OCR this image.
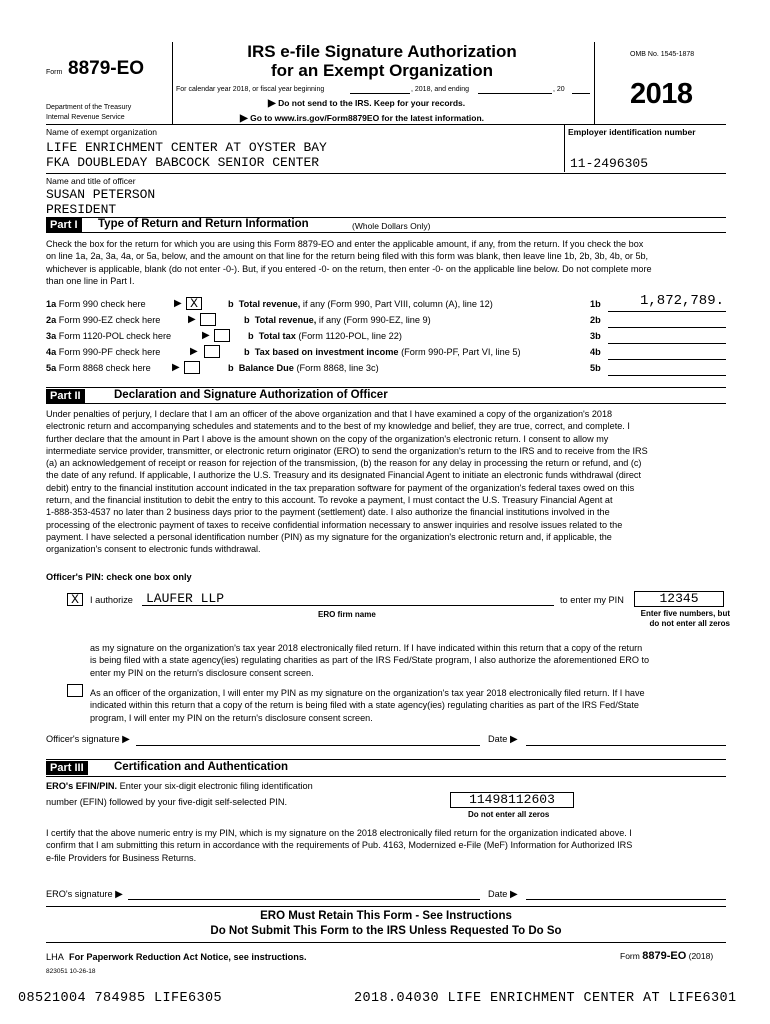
Form 8879-EO
Department of the Treasury
Internal Revenue Service
IRS e-file Signature Authorization
for an Exempt Organization
For calendar year 2018, or fiscal year beginning	, 2018, and ending	, 20
▶ Do not send to the IRS. Keep for your records.
▶ Go to www.irs.gov/Form8879EO for the latest information.
OMB No. 1545-1878
2018
Name of exempt organization	Employer identification number
LIFE ENRICHMENT CENTER AT OYSTER BAY
FKA DOUBLEDAY BABCOCK SENIOR CENTER	11-2496305
Name and title of officer
SUSAN PETERSON
PRESIDENT
Part I	Type of Return and Return Information	(Whole Dollars Only)
Check the box for the return for which you are using this Form 8879-EO and enter the applicable amount, if any, from the return. If you check the box
on line 1a, 2a, 3a, 4a, or 5a, below, and the amount on that line for the return being filed with this form was blank, then leave line 1b, 2b, 3b, 4b, or 5b,
whichever is applicable, blank (do not enter -0-). But, if you entered -0- on the return, then enter -0- on the applicable line below. Do not complete more
than one line in Part I.
1a Form 990 check here	▶ X	b Total revenue, if any (Form 990, Part VIII, column (A), line 12)	1b	1,872,789.
2a Form 990-EZ check here	▶	b Total revenue, if any (Form 990-EZ, line 9)	2b
3a Form 1120-POL check here	▶	b Total tax (Form 1120-POL, line 22)	3b
4a Form 990-PF check here	▶	b Tax based on investment income (Form 990-PF, Part VI, line 5)	4b
5a Form 8868 check here ▶	b Balance Due (Form 8868, line 3c)	5b
Part II	Declaration and Signature Authorization of Officer
Under penalties of perjury, I declare that I am an officer of the above organization and that I have examined a copy of the organization's 2018
electronic return and accompanying schedules and statements and to the best of my knowledge and belief, they are true, correct, and complete. I
further declare that the amount in Part I above is the amount shown on the copy of the organization's electronic return. I consent to allow my
intermediate service provider, transmitter, or electronic return originator (ERO) to send the organization's return to the IRS and to receive from the IRS
(a) an acknowledgement of receipt or reason for rejection of the transmission, (b) the reason for any delay in processing the return or refund, and (c)
the date of any refund. If applicable, I authorize the U.S. Treasury and its designated Financial Agent to initiate an electronic funds withdrawal (direct
debit) entry to the financial institution account indicated in the tax preparation software for payment of the organization's federal taxes owed on this
return, and the financial institution to debit the entry to this account. To revoke a payment, I must contact the U.S. Treasury Financial Agent at
1-888-353-4537 no later than 2 business days prior to the payment (settlement) date. I also authorize the financial institutions involved in the
processing of the electronic payment of taxes to receive confidential information necessary to answer inquiries and resolve issues related to the
payment. I have selected a personal identification number (PIN) as my signature for the organization's electronic return and, if applicable, the
organization's consent to electronic funds withdrawal.
Officer's PIN: check one box only
X	I authorize LAUFER LLP
ERO firm name
to enter my PIN	12345
Enter five numbers, but
do not enter all zeros
as my signature on the organization's tax year 2018 electronically filed return. If I have indicated within this return that a copy of the return
is being filed with a state agency(ies) regulating charities as part of the IRS Fed/State program, I also authorize the aforementioned ERO to
enter my PIN on the return's disclosure consent screen.
As an officer of the organization, I will enter my PIN as my signature on the organization's tax year 2018 electronically filed return. If I have
indicated within this return that a copy of the return is being filed with a state agency(ies) regulating charities as part of the IRS Fed/State
program, I will enter my PIN on the return's disclosure consent screen.
Officer's signature ▶	Date ▶
Part III	Certification and Authentication
ERO's EFIN/PIN. Enter your six-digit electronic filing identification
number (EFIN) followed by your five-digit self-selected PIN.	11498112603
Do not enter all zeros
I certify that the above numeric entry is my PIN, which is my signature on the 2018 electronically filed return for the organization indicated above. I
confirm that I am submitting this return in accordance with the requirements of Pub. 4163, Modernized e-File (MeF) Information for Authorized IRS
e-file Providers for Business Returns.
ERO's signature ▶	Date ▶
ERO Must Retain This Form - See Instructions
Do Not Submit This Form to the IRS Unless Requested To Do So
LHA For Paperwork Reduction Act Notice, see instructions.	Form 8879-EO (2018)
823051 10-26-18
08521004 784985 LIFE6305	2018.04030 LIFE ENRICHMENT CENTER AT LIFE6301
